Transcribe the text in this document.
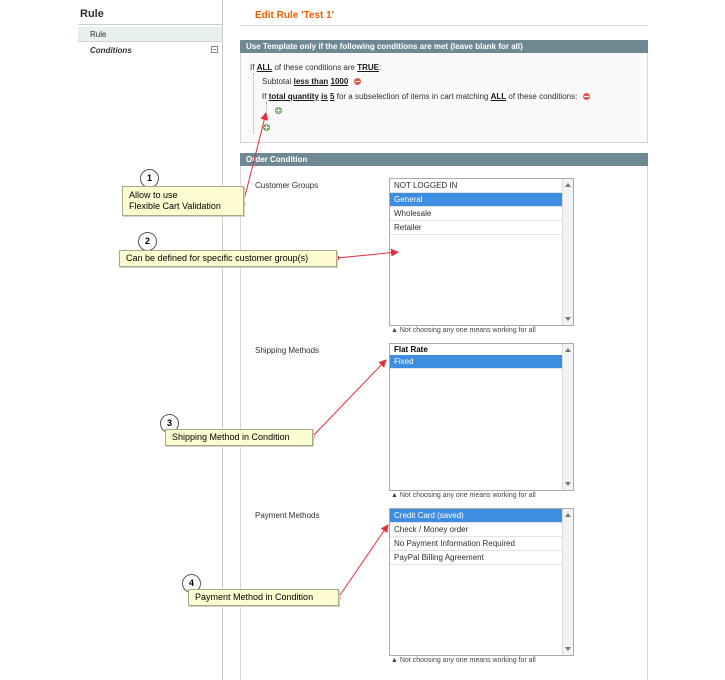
Rule
Rule
Conditions
Edit Rule 'Test 1'
Use Template only if the following conditions are met (leave blank for all)
If ALL of these conditions are TRUE:
Subtotal less than 1000
If total quantity is 5 for a subselection of items in cart matching ALL of these conditions:
Order Condition
Customer Groups	NOT LOGGED IN
General
Wholesale
Retailer
▲ Not choosing any one means working for all
Shipping Methods	Flat Rate
Fixed
▲ Not choosing any one means working for all
Payment Methods	Credit Card (saved)
Check / Money order
No Payment Information Required
PayPal Billing Agreement
▲ Not choosing any one means working for all
1
Allow to use
Flexible Cart Validation
2
Can be defined for specific customer group(s)
3
Shipping Method in Condition
4
Payment Method in Condition
